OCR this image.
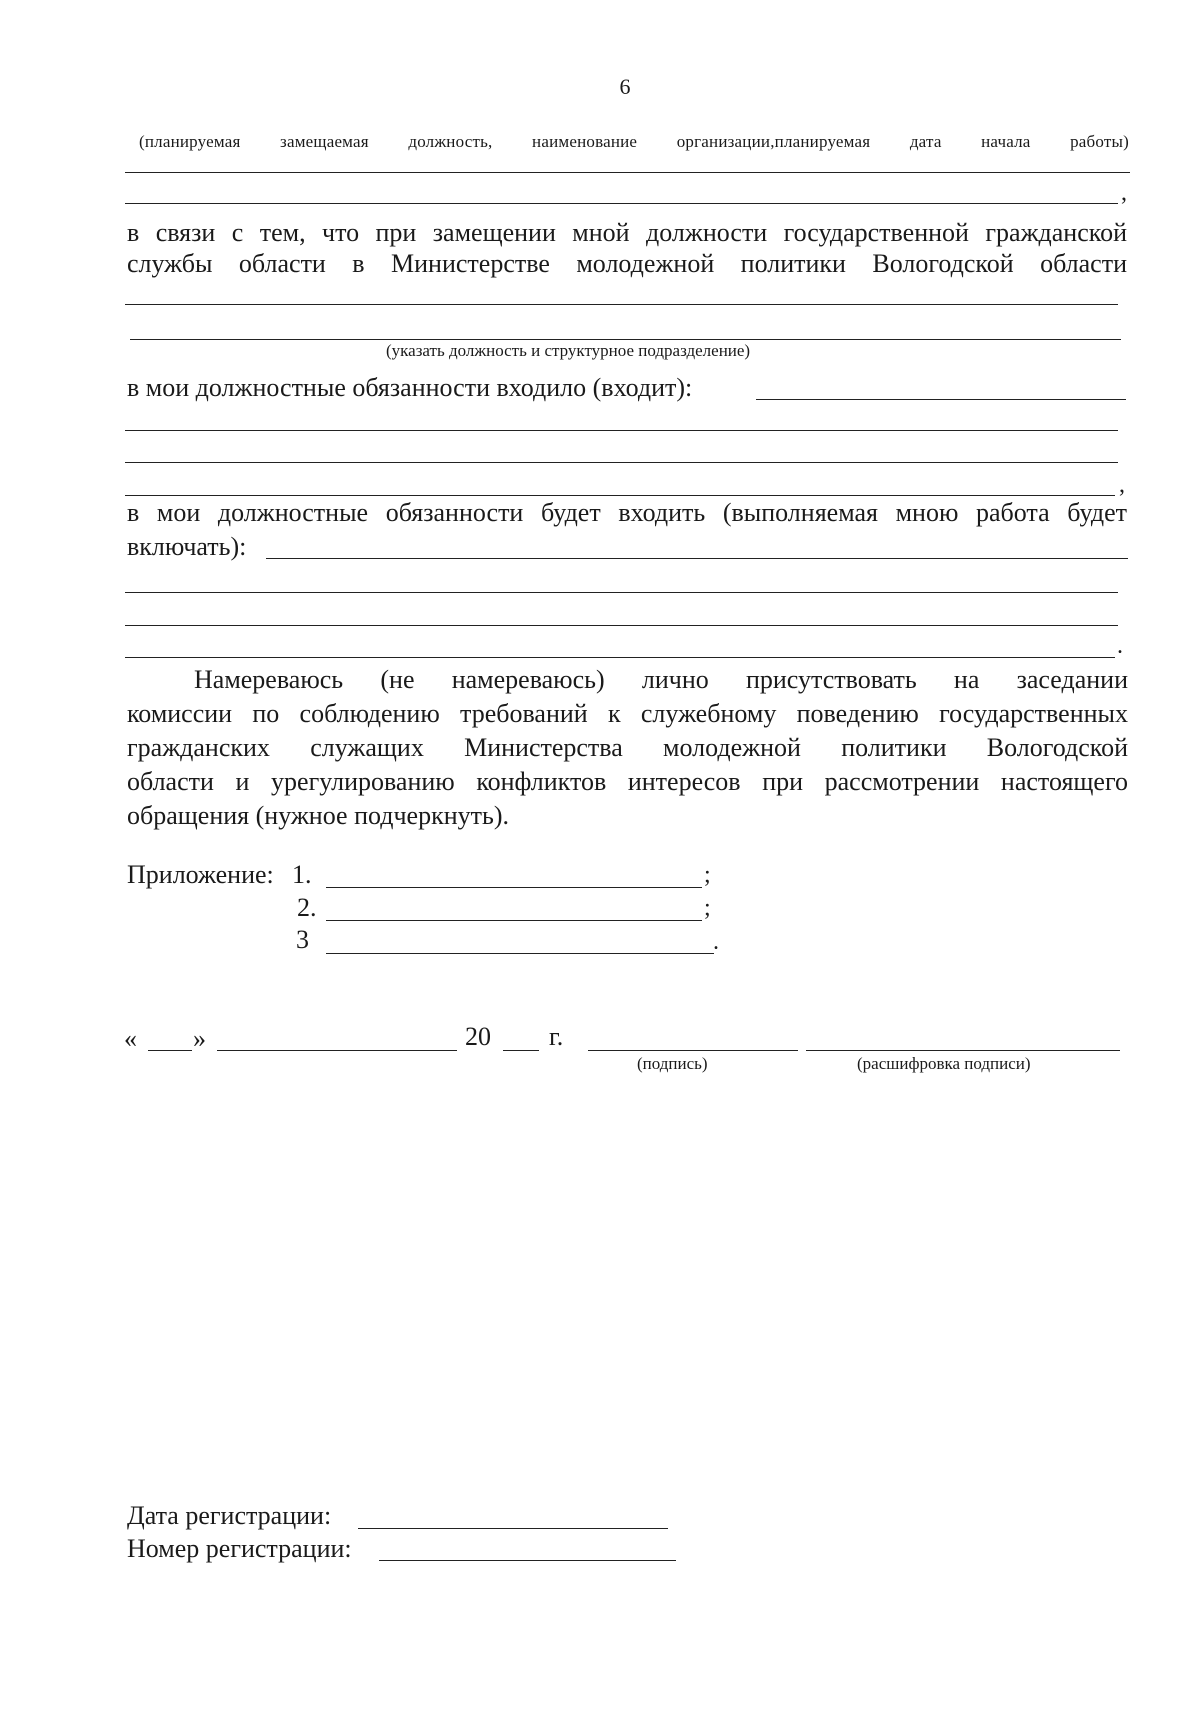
6
(планируемая замещаемая должность, наименование организации,планируемая дата начала работы)
,
в связи с тем, что при замещении мной должности государственной гражданской
службы области в Министерстве молодежной политики Вологодской области
(указать должность и структурное подразделение)
в мои должностные обязанности входило (входит):
,
в мои должностные обязанности будет входить (выполняемая мною работа будет
включать):
.
Намереваюсь (не намереваюсь) лично присутствовать на заседании
комиссии по соблюдению требований к служебному поведению государственных
гражданских служащих Министерства молодежной политики Вологодской
области и урегулированию конфликтов интересов при рассмотрении настоящего
обращения (нужное подчеркнуть).
Приложение: 1.	;
2.	;
3	.
« »	20 г.
(подпись)	(расшифровка подписи)
Дата регистрации:
Номер регистрации:
